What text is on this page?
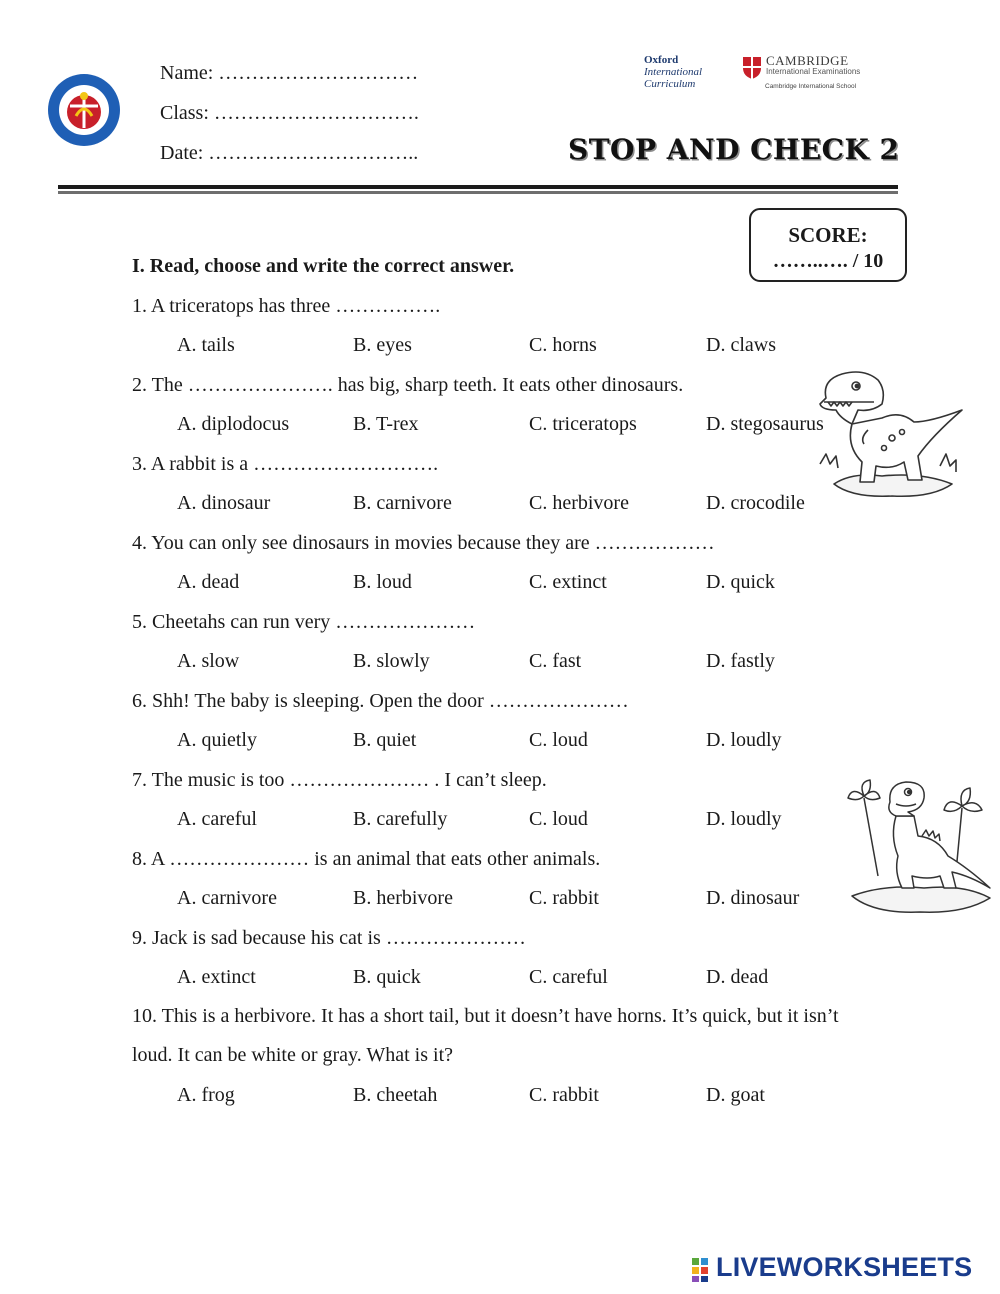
Name: …………………………
Class: ………………………….
Date: …………………………..
Oxford
International
Curriculum
CAMBRIDGE
International Examinations
Cambridge International School
STOP AND CHECK 2
SCORE:
……..…. / 10
I. Read, choose and write the correct answer.
1. A triceratops has three …………….
A. tails	B. eyes	C. horns	D. claws
2. The …………………. has big, sharp teeth. It eats other dinosaurs.
A. diplodocus	B. T-rex	C. triceratops	D. stegosaurus
3. A rabbit is a ……………………….
A. dinosaur	B. carnivore	C. herbivore	D. crocodile
4. You can only see dinosaurs in movies because they are ………………
A. dead	B. loud	C. extinct	D. quick
5. Cheetahs can run very …………………
A. slow	B. slowly	C. fast	D. fastly
6. Shh! The baby is sleeping. Open the door …………………
A. quietly	B. quiet	C. loud	D. loudly
7. The music is too ………………… . I can’t sleep.
A. careful	B. carefully	C. loud	D. loudly
8. A ………………… is an animal that eats other animals.
A. carnivore	B. herbivore	C. rabbit	D. dinosaur
9. Jack is sad because his cat is …………………
A. extinct	B. quick	C. careful	D. dead
10. This is a herbivore. It has a short tail, but it doesn’t have horns. It’s quick, but it isn’t
loud. It can be white or gray. What is it?
A. frog	B. cheetah	C. rabbit	D. goat
LIVEWORKSHEETS
